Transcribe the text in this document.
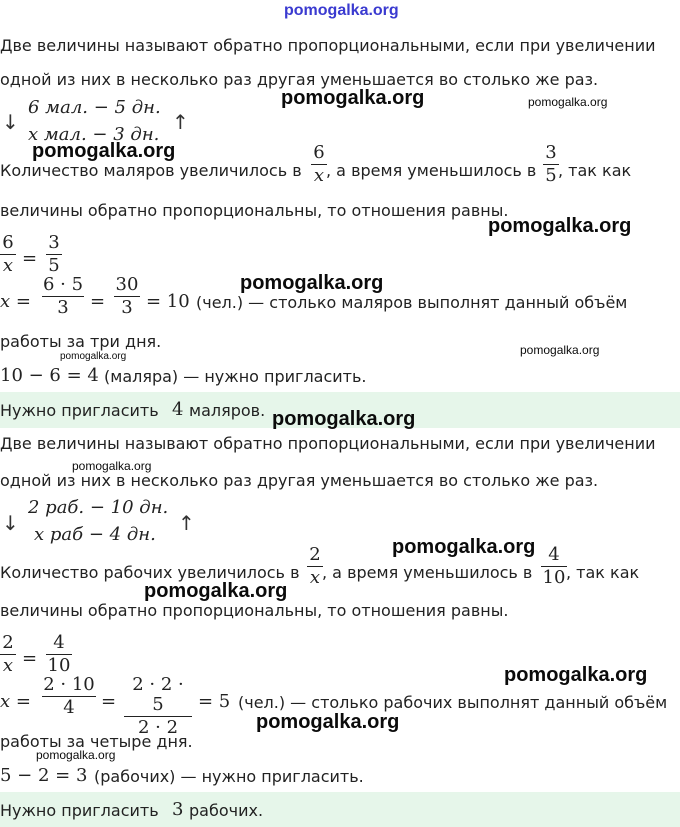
pomogalka.org
Две величины называют обратно пропорциональными, если при увеличении
одной из них в несколько раз другая уменьшается во столько же раз.
↓
6 мал. − 5 дн.
x мал. − 3 дн.
↑
Количество маляров увеличилось в
6
x , а время уменьшилось в
3
5 , так как
величины обратно пропорциональны, то отношения равны.
6
x =
3
5
x =
6 · 5
3	=
30
3 = 10 (чел.) — столько маляров выполнят данный объём
работы за три дня.
10 − 6 = 4 (маляра) — нужно пригласить.
Нужно пригласить 4 маляров.
Две величины называют обратно пропорциональными, если при увеличении
одной из них в несколько раз другая уменьшается во столько же раз.
↓
2 раб. − 10 дн.
x раб − 4 дн. ↑
Количество рабочих увеличилось в
2
x , а время уменьшилось в
4
10 , так как
величины обратно пропорциональны, то отношения равны.
2
x =
4
10
x =
2 · 10
4	=
2 · 2 · 5
2 · 2
= 5 (чел.) — столько рабочих выполнят данный объём
работы за четыре дня.
5 − 2 = 3 (рабочих) — нужно пригласить.
Нужно пригласить 3 рабочих.
pomogalka.org	pomogalka.org
pomogalka.org
pomogalka.org
pomogalka.org
pomogalka.org
pomogalka.org
pomogalka.org
pomogalka.org
pomogalka.org
pomogalka.org
pomogalka.org
pomogalka.org
pomogalka.org
